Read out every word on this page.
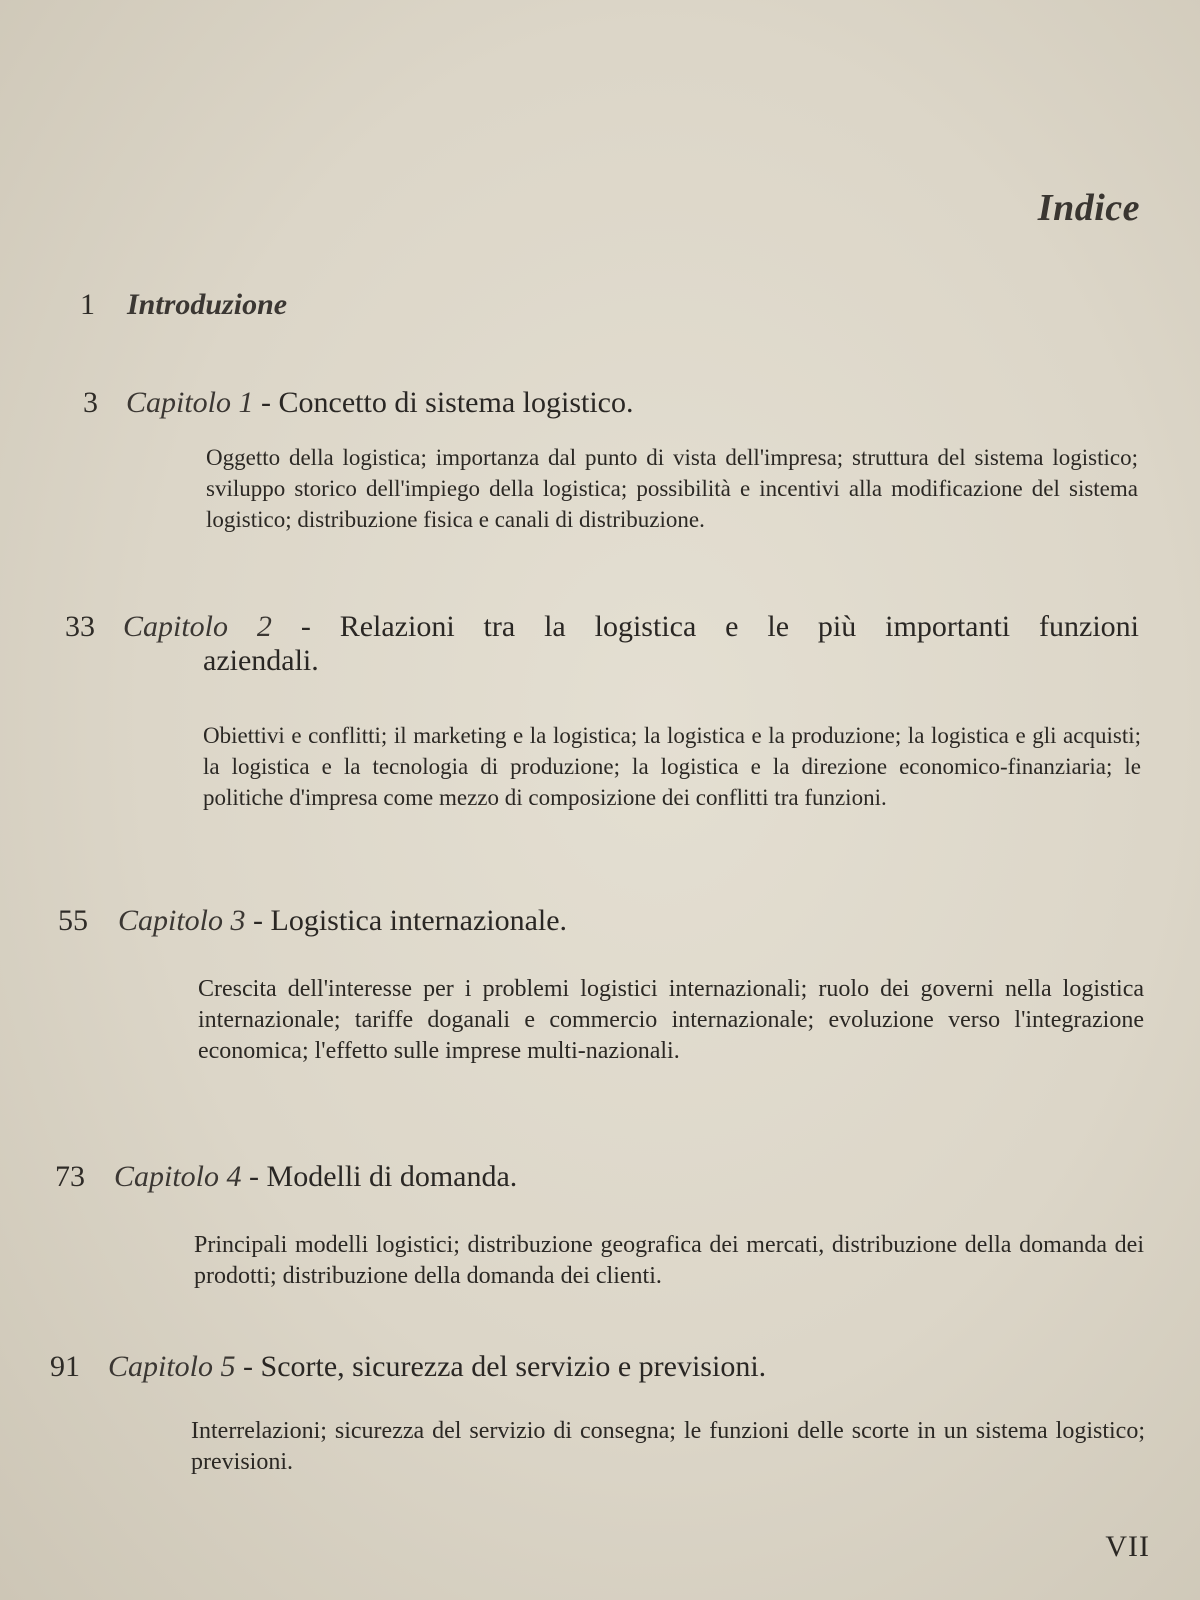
Indice
1 Introduzione
3 Capitolo 1 - Concetto di sistema logistico.
Oggetto della logistica; importanza dal punto di vista dell'impresa; struttura del sistema logistico; sviluppo storico dell'impiego della logistica; possibilità e incentivi alla modificazione del sistema logistico; distribuzione fisica e canali di distribuzione.
33 Capitolo 2 - Relazioni tra la logistica e le più importanti funzioni
aziendali.
Obiettivi e conflitti; il marketing e la logistica; la logistica e la produzione; la logistica e gli acquisti; la logistica e la tecnologia di produzione; la logistica e la direzione economico-finanziaria; le politiche d'impresa come mezzo di composizione dei conflitti tra funzioni.
55 Capitolo 3 - Logistica internazionale.
Crescita dell'interesse per i problemi logistici internazionali; ruolo dei governi nella logistica internazionale; tariffe doganali e commercio internazionale; evoluzione verso l'integrazione economica; l'effetto sulle imprese multi-nazionali.
73 Capitolo 4 - Modelli di domanda.
Principali modelli logistici; distribuzione geografica dei mercati, distribuzione della domanda dei prodotti; distribuzione della domanda dei clienti.
91 Capitolo 5 - Scorte, sicurezza del servizio e previsioni.
Interrelazioni; sicurezza del servizio di consegna; le funzioni delle scorte in un sistema logistico; previsioni.
VII
